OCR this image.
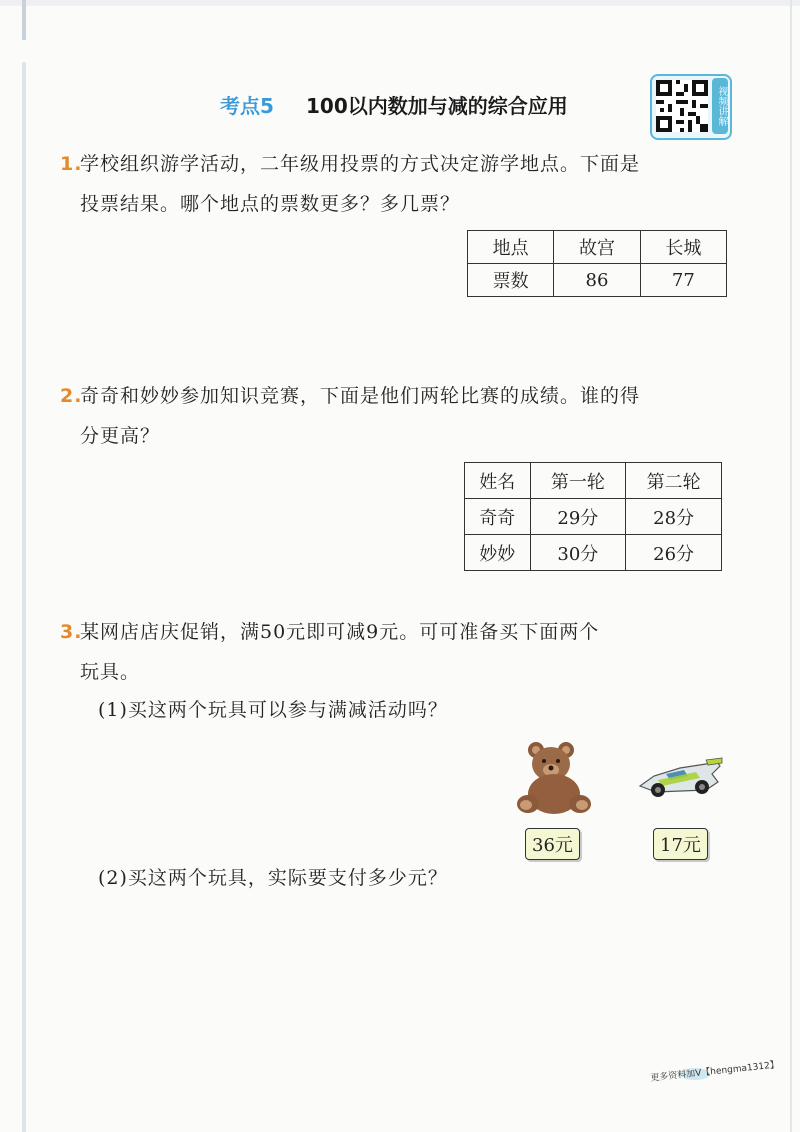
考点5 100以内数加与减的综合应用	视频讲解
1.
学校组织游学活动，二年级用投票的方式决定游学地点。下面是
投票结果。哪个地点的票数更多？多几票？
地点	故宫	长城
票数	86	77
2.
奇奇和妙妙参加知识竞赛，下面是他们两轮比赛的成绩。谁的得
分更高？
姓名	第一轮	第二轮
奇奇	29分	28分
妙妙	30分	26分
3.
某网店店庆促销，满50元即可减9元。可可准备买下面两个
玩具。
(1)买这两个玩具可以参与满减活动吗？
36元	17元
(2)买这两个玩具，实际要支付多少元？
更多资料加V【hengma1312】
